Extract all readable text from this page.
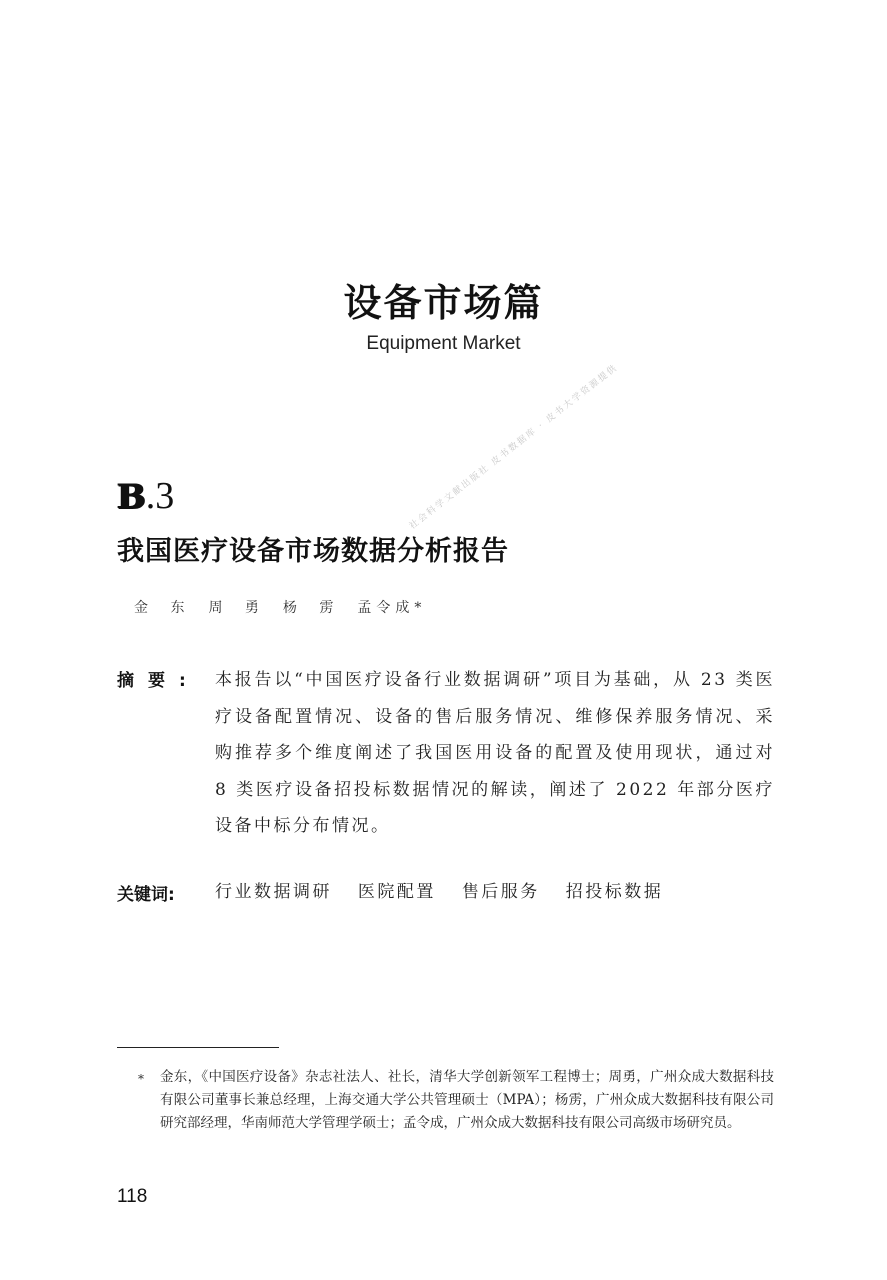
设备市场篇
Equipment Market
社会科学文献出版社 皮书数据库 · 皮书大学资源提供
B.3
我国医疗设备市场数据分析报告
金 东　周 勇　杨 雳　孟令成*
摘要: 本报告以“中国医疗设备行业数据调研”项目为基础，从 23 类医疗设备配置情况、设备的售后服务情况、维修保养服务情况、采购推荐多个维度阐述了我国医用设备的配置及使用现状，通过对 8 类医疗设备招投标数据情况的解读，阐述了 2022 年部分医疗设备中标分布情况。
关键词: 行业数据调研 医院配置 售后服务 招投标数据
* 金东，《中国医疗设备》杂志社法人、社长，清华大学创新领军工程博士；周勇，广州众成大数据科技有限公司董事长兼总经理，上海交通大学公共管理硕士（MPA）；杨雳，广州众成大数据科技有限公司研究部经理，华南师范大学管理学硕士；孟令成，广州众成大数据科技有限公司高级市场研究员。
118
